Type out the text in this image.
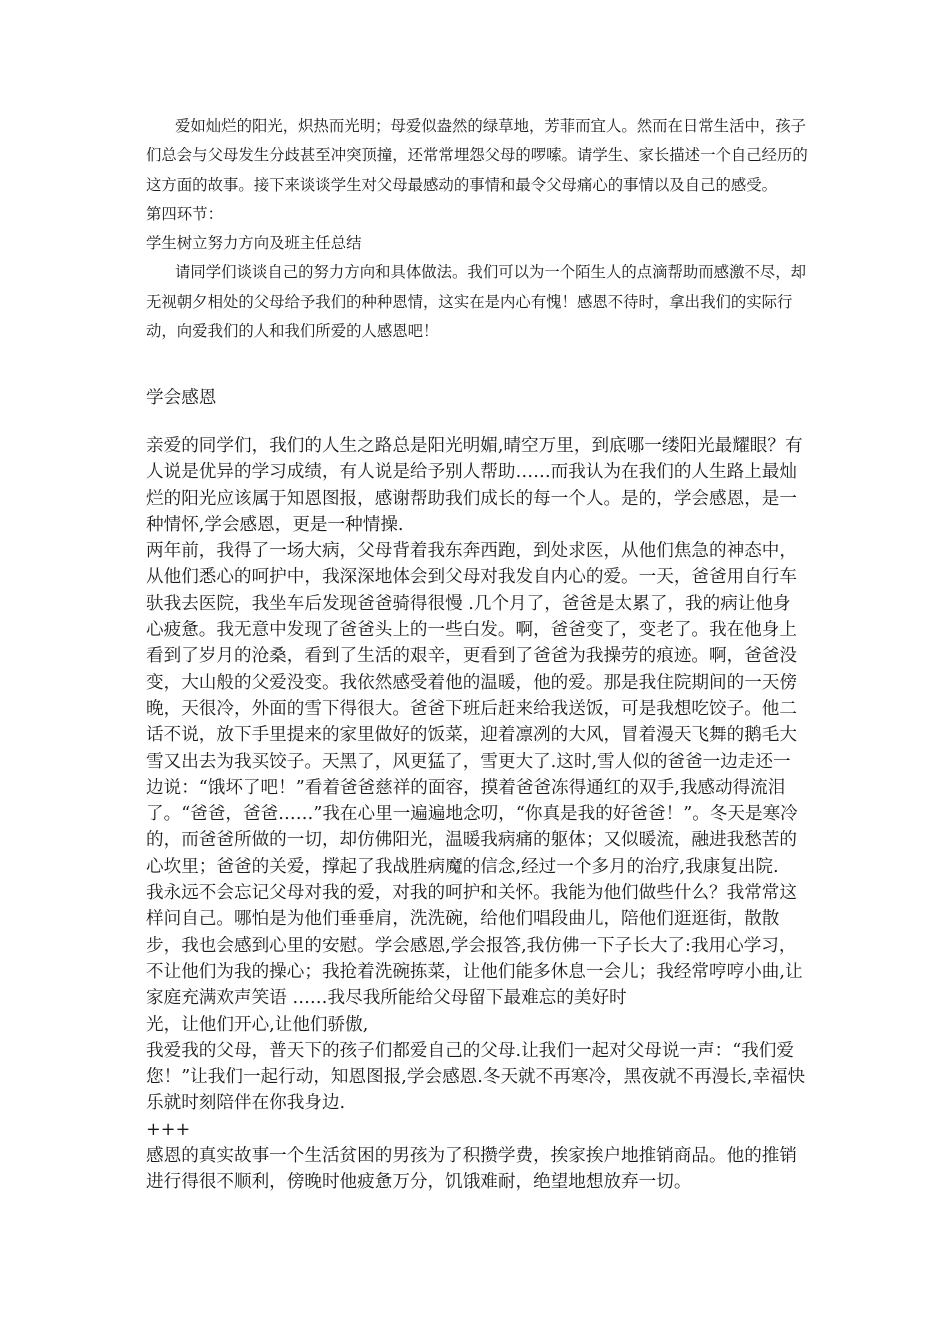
爱如灿烂的阳光，炽热而光明；母爱似盎然的绿草地，芳菲而宜人。然而在日常生活中，孩子们总会与父母发生分歧甚至冲突顶撞，还常常埋怨父母的啰嗦。请学生、家长描述一个自己经历的这方面的故事。接下来谈谈学生对父母最感动的事情和最令父母痛心的事情以及自己的感受。

第四环节：

学生树立努力方向及班主任总结

请同学们谈谈自己的努力方向和具体做法。我们可以为一个陌生人的点滴帮助而感激不尽，却无视朝夕相处的父母给予我们的种种恩情，这实在是内心有愧！感恩不待时，拿出我们的实际行动，向爱我们的人和我们所爱的人感恩吧！

学会感恩

亲爱的同学们，我们的人生之路总是阳光明媚,晴空万里，到底哪一缕阳光最耀眼？有人说是优异的学习成绩，有人说是给予别人帮助……而我认为在我们的人生路上最灿烂的阳光应该属于知恩图报，感谢帮助我们成长的每一个人。是的，学会感恩，是一种情怀,学会感恩，更是一种情操.

两年前，我得了一场大病，父母背着我东奔西跑，到处求医，从他们焦急的神态中，从他们悉心的呵护中，我深深地体会到父母对我发自内心的爱。一天，爸爸用自行车驮我去医院，我坐车后发现爸爸骑得很慢 .几个月了，爸爸是太累了，我的病让他身心疲惫。我无意中发现了爸爸头上的一些白发。啊，爸爸变了，变老了。我在他身上看到了岁月的沧桑，看到了生活的艰辛，更看到了爸爸为我操劳的痕迹。啊，爸爸没变，大山般的父爱没变。我依然感受着他的温暖，他的爱。那是我住院期间的一天傍晚，天很冷，外面的雪下得很大。爸爸下班后赶来给我送饭，可是我想吃饺子。他二话不说，放下手里提来的家里做好的饭菜，迎着凛冽的大风，冒着漫天飞舞的鹅毛大雪又出去为我买饺子。天黑了，风更猛了，雪更大了.这时,雪人似的爸爸一边走还一边说：“饿坏了吧！”看着爸爸慈祥的面容，摸着爸爸冻得通红的双手,我感动得流泪了。“爸爸，爸爸……”我在心里一遍遍地念叨，“你真是我的好爸爸！”。冬天是寒冷的，而爸爸所做的一切，却仿佛阳光，温暖我病痛的躯体；又似暖流，融进我愁苦的心坎里；爸爸的关爱，撑起了我战胜病魔的信念,经过一个多月的治疗,我康复出院.

我永远不会忘记父母对我的爱，对我的呵护和关怀。我能为他们做些什么？我常常这样问自己。哪怕是为他们垂垂肩，洗洗碗，给他们唱段曲儿，陪他们逛逛街，散散步，我也会感到心里的安慰。学会感恩,学会报答,我仿佛一下子长大了:我用心学习，不让他们为我的操心；我抢着洗碗拣菜，让他们能多休息一会儿；我经常哼哼小曲,让家庭充满欢声笑语 ……我尽我所能给父母留下最难忘的美好时

光，让他们开心,让他们骄傲,

我爱我的父母，普天下的孩子们都爱自己的父母.让我们一起对父母说一声：“我们爱您！”让我们一起行动，知恩图报,学会感恩.冬天就不再寒冷，黑夜就不再漫长,幸福快乐就时刻陪伴在你我身边.

+++

感恩的真实故事一个生活贫困的男孩为了积攒学费，挨家挨户地推销商品。他的推销进行得很不顺利，傍晚时他疲惫万分，饥饿难耐，绝望地想放弃一切。
